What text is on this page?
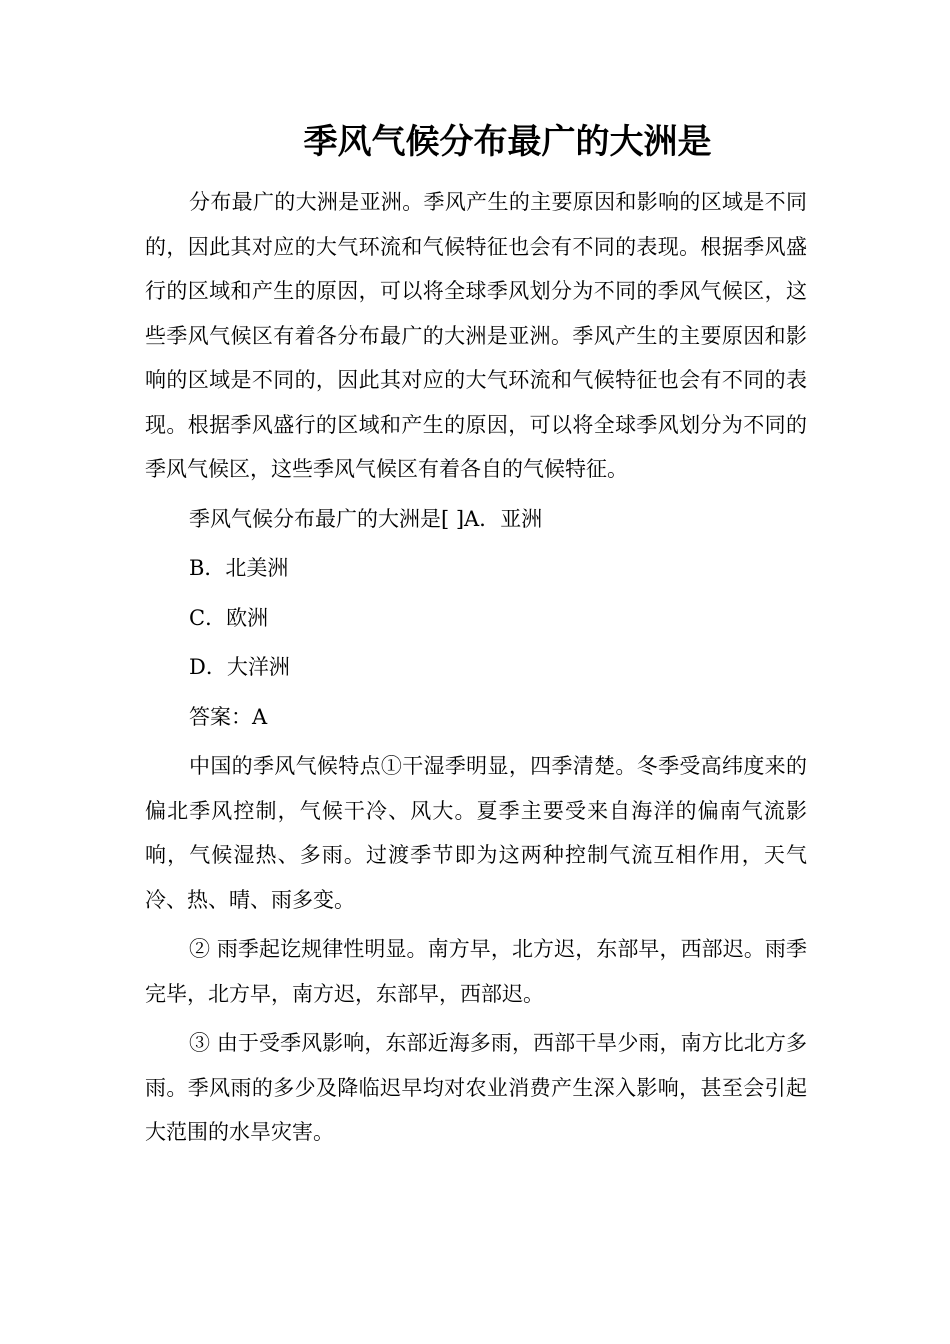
季风气候分布最广的大洲是

分布最广的大洲是亚洲。季风产生的主要原因和影响的区域是不同的，因此其对应的大气环流和气候特征也会有不同的表现。根据季风盛行的区域和产生的原因，可以将全球季风划分为不同的季风气候区，这些季风气候区有着各分布最广的大洲是亚洲。季风产生的主要原因和影响的区域是不同的，因此其对应的大气环流和气候特征也会有不同的表现。根据季风盛行的区域和产生的原因，可以将全球季风划分为不同的季风气候区，这些季风气候区有着各自的气候特征。

季风气候分布最广的大洲是[ ]A．亚洲

B．北美洲

C．欧洲

D．大洋洲

答案：A

中国的季风气候特点①干湿季明显，四季清楚。冬季受高纬度来的偏北季风控制，气候干冷、风大。夏季主要受来自海洋的偏南气流影响，气候湿热、多雨。过渡季节即为这两种控制气流互相作用，天气冷、热、晴、雨多变。

② 雨季起讫规律性明显。南方早，北方迟，东部早，西部迟。雨季完毕，北方早，南方迟，东部早，西部迟。

③ 由于受季风影响，东部近海多雨，西部干旱少雨，南方比北方多雨。季风雨的多少及降临迟早均对农业消费产生深入影响，甚至会引起大范围的水旱灾害。
